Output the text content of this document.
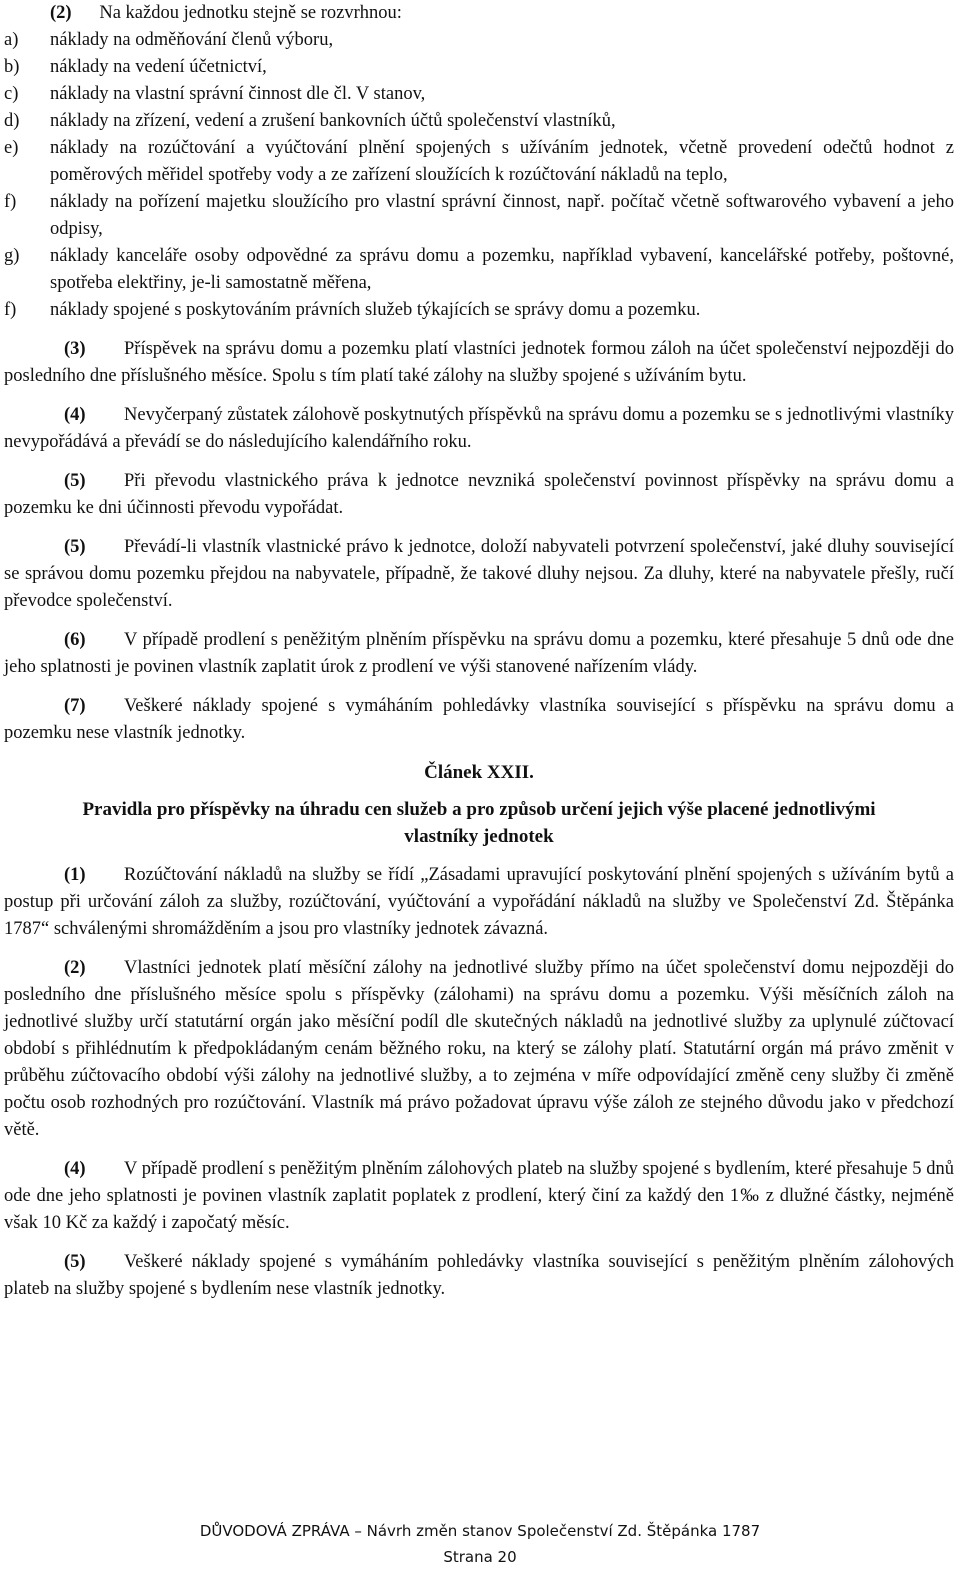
(2) Na každou jednotku stejně se rozvrhnou:
a)	náklady na odměňování členů výboru,
b)	náklady na vedení účetnictví,
c)	náklady na vlastní správní činnost dle čl. V stanov,
d)	náklady na zřízení, vedení a zrušení bankovních účtů společenství vlastníků,
e)	náklady na rozúčtování a vyúčtování plnění spojených s užíváním jednotek, včetně provedení odečtů hodnot z poměrových měřidel spotřeby vody a ze zařízení sloužících k rozúčtování nákladů na teplo,
f)	náklady na pořízení majetku sloužícího pro vlastní správní činnost, např. počítač včetně softwarového vybavení a jeho odpisy,
g)	náklady kanceláře osoby odpovědné za správu domu a pozemku, například vybavení, kancelářské potřeby, poštovné, spotřeba elektřiny, je-li samostatně měřena,
f)	náklady spojené s poskytováním právních služeb týkajících se správy domu a pozemku.
(3) Příspěvek na správu domu a pozemku platí vlastníci jednotek formou záloh na účet společenství nejpozději do posledního dne příslušného měsíce. Spolu s tím platí také zálohy na služby spojené s užíváním bytu.
(4) Nevyčerpaný zůstatek zálohově poskytnutých příspěvků na správu domu a pozemku se s jednotlivými vlastníky nevypořádává a převádí se do následujícího kalendářního roku.
(5) Při převodu vlastnického práva k jednotce nevzniká společenství povinnost příspěvky na správu domu a pozemku ke dni účinnosti převodu vypořádat.
(5) Převádí-li vlastník vlastnické právo k jednotce, doloží nabyvateli potvrzení společenství, jaké dluhy související se správou domu pozemku přejdou na nabyvatele, případně, že takové dluhy nejsou. Za dluhy, které na nabyvatele přešly, ručí převodce společenství.
(6) V případě prodlení s peněžitým plněním příspěvku na správu domu a pozemku, které přesahuje 5 dnů ode dne jeho splatnosti je povinen vlastník zaplatit úrok z prodlení ve výši stanovené nařízením vlády.
(7) Veškeré náklady spojené s vymáháním pohledávky vlastníka související s příspěvku na správu domu a pozemku nese vlastník jednotky.
Článek XXII.
Pravidla pro příspěvky na úhradu cen služeb a pro způsob určení jejich výše placené jednotlivými vlastníky jednotek
(1) Rozúčtování nákladů na služby se řídí „Zásadami upravující poskytování plnění spojených s užíváním bytů a postup při určování záloh za služby, rozúčtování, vyúčtování a vypořádání nákladů na služby ve Společenství Zd. Štěpánka 1787“ schválenými shromážděním a jsou pro vlastníky jednotek závazná.
(2) Vlastníci jednotek platí měsíční zálohy na jednotlivé služby přímo na účet společenství domu nejpozději do posledního dne příslušného měsíce spolu s příspěvky (zálohami) na správu domu a pozemku. Výši měsíčních záloh na jednotlivé služby určí statutární orgán jako měsíční podíl dle skutečných nákladů na jednotlivé služby za uplynulé zúčtovací období s přihlédnutím k předpokládaným cenám běžného roku, na který se zálohy platí. Statutární orgán má právo změnit v průběhu zúčtovacího období výši zálohy na jednotlivé služby, a to zejména v míře odpovídající změně ceny služby či změně počtu osob rozhodných pro rozúčtování. Vlastník má právo požadovat úpravu výše záloh ze stejného důvodu jako v předchozí větě.
(4) V případě prodlení s peněžitým plněním zálohových plateb na služby spojené s bydlením, které přesahuje 5 dnů ode dne jeho splatnosti je povinen vlastník zaplatit poplatek z prodlení, který činí za každý den 1‰ z dlužné částky, nejméně však 10 Kč za každý i započatý měsíc.
(5) Veškeré náklady spojené s vymáháním pohledávky vlastníka související s peněžitým plněním zálohových plateb na služby spojené s bydlením nese vlastník jednotky.
DŮVODOVÁ ZPRÁVA – Návrh změn stanov Společenství Zd. Štěpánka 1787
Strana 20
